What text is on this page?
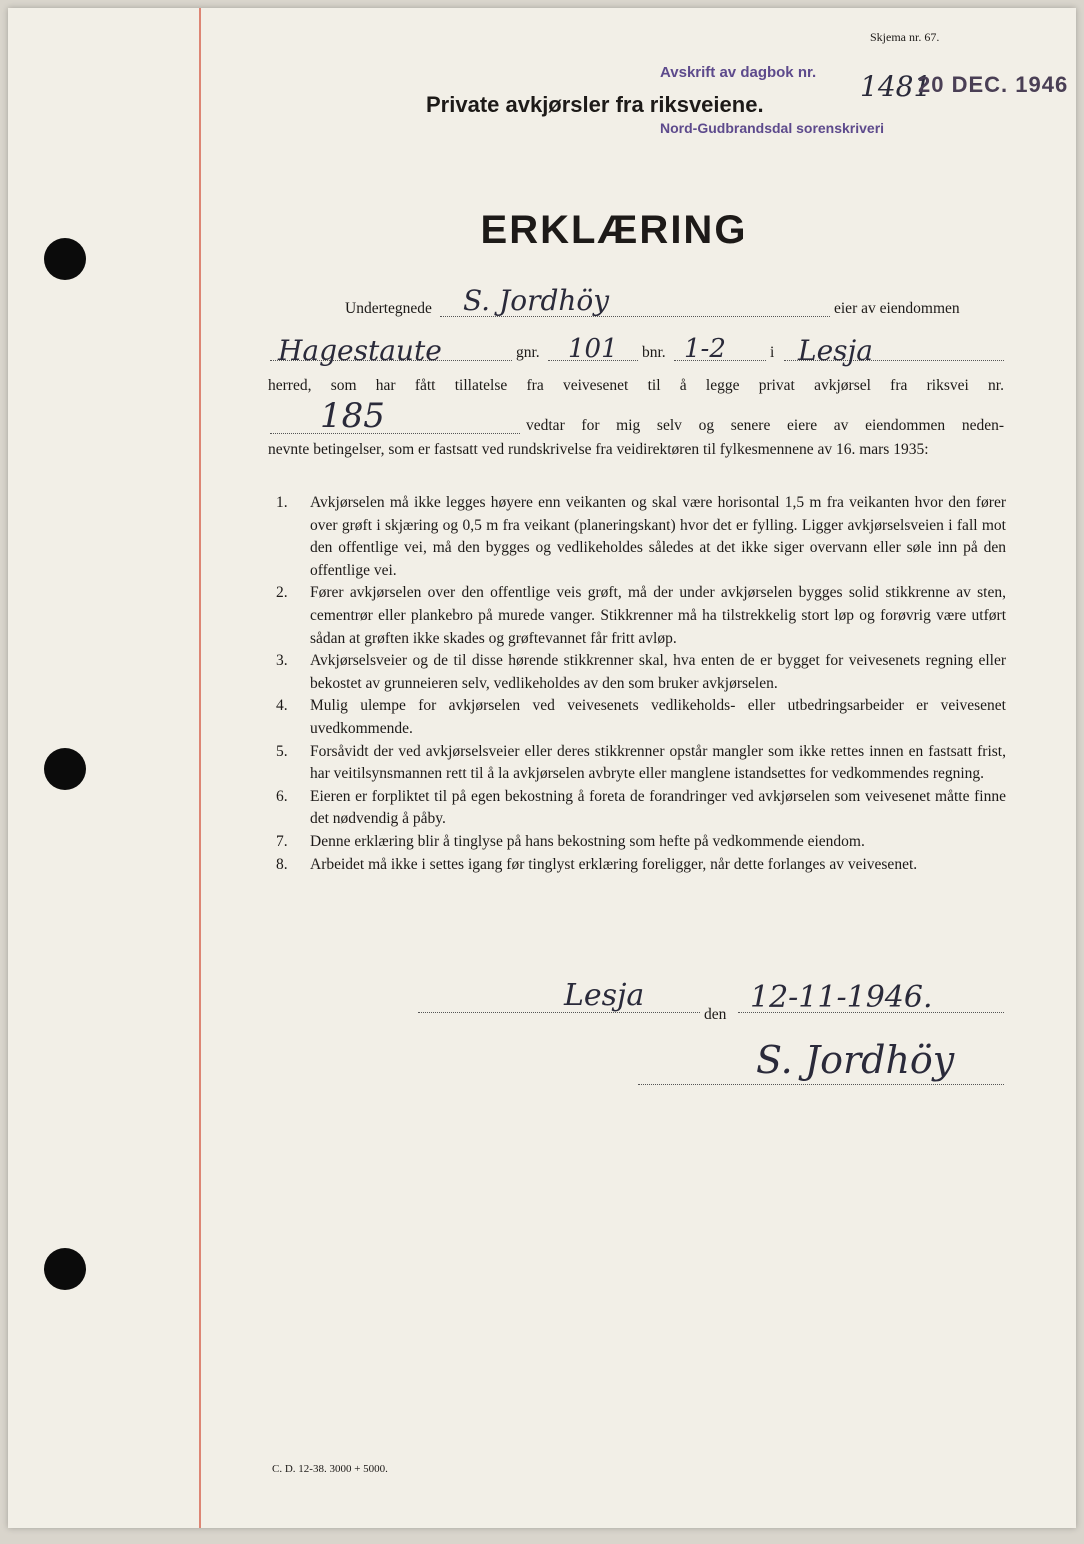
Skjema nr. 67.
Avskrift av dagbok nr. 1481
20 DEC. 1946
Private avkjørsler fra riksveiene.
Nord-Gudbrandsdal sorenskriveri
ERKLÆRING
Undertegnede S. Jordhöy	eier av eiendommen
Hagestaute	gnr. 101 bnr. 1-2	i Lesja
herred, som har fått tillatelse fra veivesenet til å legge privat avkjørsel fra riksvei nr.
185	vedtar for mig selv og senere eiere av eiendommen neden-
nevnte betingelser, som er fastsatt ved rundskrivelse fra veidirektøren til fylkesmennene av 16. mars 1935:
1.	Avkjørselen må ikke legges høyere enn veikanten og skal være horisontal 1,5 m fra veikanten hvor den fører over grøft i skjæring og 0,5 m fra veikant (planeringskant) hvor det er fylling. Ligger avkjørselsveien i fall mot den offentlige vei, må den bygges og vedlikeholdes således at det ikke siger overvann eller søle inn på den offentlige vei.
2.	Fører avkjørselen over den offentlige veis grøft, må der under avkjørselen bygges solid stikkrenne av sten, cementrør eller plankebro på murede vanger. Stikkrenner må ha tilstrekkelig stort løp og forøvrig være utført sådan at grøften ikke skades og grøftevannet får fritt avløp.
3.	Avkjørselsveier og de til disse hørende stikkrenner skal, hva enten de er bygget for veivesenets regning eller bekostet av grunneieren selv, vedlikeholdes av den som bruker avkjørselen.
4.	Mulig ulempe for avkjørselen ved veivesenets vedlikeholds- eller utbedringsarbeider er veivesenet uvedkommende.
5.	Forsåvidt der ved avkjørselsveier eller deres stikkrenner opstår mangler som ikke rettes innen en fastsatt frist, har veitilsynsmannen rett til å la avkjørselen avbryte eller manglene istandsettes for vedkommendes regning.
6.	Eieren er forpliktet til på egen bekostning å foreta de forandringer ved avkjørselen som veivesenet måtte finne det nødvendig å påby.
7.	Denne erklæring blir å tinglyse på hans bekostning som hefte på vedkommende eiendom.
8.	Arbeidet må ikke i settes igang før tinglyst erklæring foreligger, når dette forlanges av veivesenet.
Lesja
den 12-11-1946.
S. Jordhöy
C. D. 12-38. 3000 + 5000.
